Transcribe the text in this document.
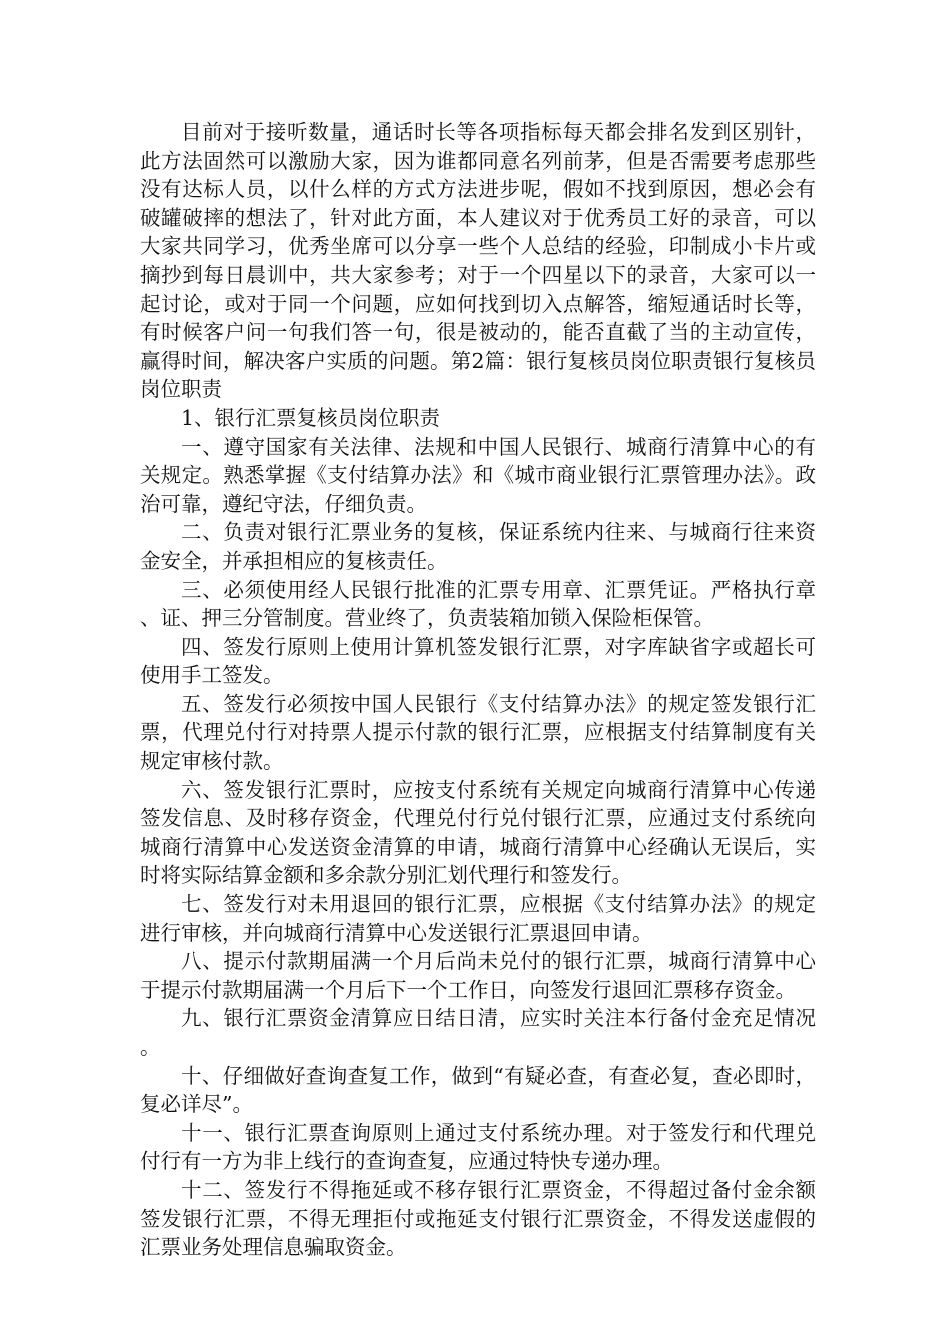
目前对于接听数量，通话时长等各项指标每天都会排名发到区别针，此方法固然可以激励大家，因为谁都同意名列前茅，但是否需要考虑那些没有达标人员，以什么样的方式方法进步呢，假如不找到原因，想必会有破罐破摔的想法了，针对此方面，本人建议对于优秀员工好的录音，可以大家共同学习，优秀坐席可以分享一些个人总结的经验，印制成小卡片或摘抄到每日晨训中，共大家参考；对于一个四星以下的录音，大家可以一起讨论，或对于同一个问题，应如何找到切入点解答，缩短通话时长等，有时候客户问一句我们答一句，很是被动的，能否直截了当的主动宣传，赢得时间，解决客户实质的问题。第2篇：银行复核员岗位职责银行复核员岗位职责

1、银行汇票复核员岗位职责

一、遵守国家有关法律、法规和中国人民银行、城商行清算中心的有关规定。熟悉掌握《支付结算办法》和《城市商业银行汇票管理办法》。政治可靠，遵纪守法，仔细负责。

二、负责对银行汇票业务的复核，保证系统内往来、与城商行往来资金安全，并承担相应的复核责任。

三、必须使用经人民银行批准的汇票专用章、汇票凭证。严格执行章、证、押三分管制度。营业终了，负责装箱加锁入保险柜保管。

四、签发行原则上使用计算机签发银行汇票，对字库缺省字或超长可使用手工签发。

五、签发行必须按中国人民银行《支付结算办法》的规定签发银行汇票，代理兑付行对持票人提示付款的银行汇票，应根据支付结算制度有关规定审核付款。

六、签发银行汇票时，应按支付系统有关规定向城商行清算中心传递签发信息、及时移存资金，代理兑付行兑付银行汇票，应通过支付系统向城商行清算中心发送资金清算的申请，城商行清算中心经确认无误后，实时将实际结算金额和多余款分别汇划代理行和签发行。

七、签发行对未用退回的银行汇票，应根据《支付结算办法》的规定进行审核，并向城商行清算中心发送银行汇票退回申请。

八、提示付款期届满一个月后尚未兑付的银行汇票，城商行清算中心于提示付款期届满一个月后下一个工作日，向签发行退回汇票移存资金。

九、银行汇票资金清算应日结日清，应实时关注本行备付金充足情况。

十、仔细做好查询查复工作，做到“有疑必查，有查必复，查必即时，复必详尽”。

十一、银行汇票查询原则上通过支付系统办理。对于签发行和代理兑付行有一方为非上线行的查询查复，应通过特快专递办理。

十二、签发行不得拖延或不移存银行汇票资金，不得超过备付金余额签发银行汇票，不得无理拒付或拖延支付银行汇票资金，不得发送虚假的汇票业务处理信息骗取资金。
